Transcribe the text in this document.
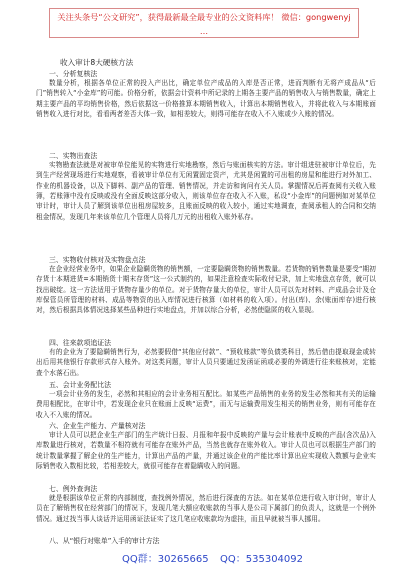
关注头条号“公文研究”，获得最新最全最专业的公文资料库！ 微信：gongwenyj
…
收入审计8大硬核方法
一、分析复核法
数量分析，根据各单位正常的投入产出比，确定单位产成品的入库是否正常，进而判断有无将产成品从“后门”销售转入“小金库”的可能。价格分析，依据会计资料中所记录的上期各主要产品的销售收入与销售数量，确定上期主要产品的平均销售价格，然后依据这一价格推算本期销售收入，计算出本期销售收入，并将此收入与本期账面销售收入进行对比，看看两者差否大体一致，如相差较大，则得可能存在收入不入账或少入账的情况。
二、实物出查法
实物勘查法就是对被审单位能见的实物进行实地勘察，然后与账面核实的方法。审计组进驻被审计单位后，先到生产经营现场进行实地观察，看被审计单位有无闲置固定资产，尤其是闲置的可出租的房屋和能进行对外加工、作业的机器设备，以及下脚料、副产品的管理、销售情况，并走访和询问有关人员。掌握情况后再查阅有关收入账簿，若账簿中没有反映或没有全面反映这部分收入，则该单位存在收入不入账，私设“小金库”的问题例如对某单位审计时，审计人员了解到该单位出租房屋较多，且账面反映的收入较小，通过实地调查，查阅承租人的合同和交纳租金情况，发现几年来该单位几个管理人员将几万元的出租收入账外私存。
三、实物收付核对及实物盘点法
在企业经营业务中，如果企业隐瞒货物的销售额，一定要隐瞒货物的销售数量。若货物的销售数量是要受“期初存货十本期进货=本期销货十期末存货”这一公式制约的，如果注意检查实际收付记录，加上实地盘点存货，就可以找出破绽。这一方法适用于货物存量少的单位。对于货物存量大的单位，审计人员可以先对材料、产成品会计及仓库保管员所管理的材料、成品等物资的出入库情况进行核算（如材料的收入项）。付出(库)、余(账面库存)进行核对，然后根据具体情况选择某些品种进行实地盘点，并加以综合分析，必然使隐匿的收入显现。
四、往来款项追证法
有的企业为了要隐瞒销售行为，必然要假借“其他应付款”、“预收账款”等负债类科目，然后借由提取现金或转出后用其他银行存款形式存入账外。对这类问题，审计人员只要通过发函证函或必要的外调进行往来账核对，定能查个水落石出。
五、会计业务配比法
一项会计业务的发生，必然和其相应的会计业务相互配比。如某些产品销售的业务的发生必然和其有关的运输费用相配比，在审计中，若发现企业只在账面上反映“运费”，而无与运输费用发生相关的销售业务，则有可能存在收入不入账的情况。
六、企业生产能力、产量核对法
审计人员可以把企业生产部门的生产统计日报、月报和年报中反映的产量与会计账表中反映的产品(含次品)入库数量进行核对，若数量不相符就有可能存在账外产品，当然也就存在账外收入。审计人员也可以根据生产部门的统计数量掌握了解企业的生产能力，计算出产品的产量，并通过该企业的产能比率计算出应实现收入数额与企业实际销售收入数相比较，若相差较大，就很可能存在着隐瞒收入的问题。
七、例外查询法
就是根据该单位正常的内部制度，查找例外情况，然后进行深查的方法。如在某单位进行收入审计时，审计人员在了解销售权在经营部门的情况下，发现几笔大额应收账款的当事人是公司下属部门的负责人，这就是一个例外情况。通过找当事人谈话并运用函证法证实了这几笔应收账款均为虚挂，而且早就被当事人挪用。
八、从“银行对账单”入手的审计方法
QQ群：30265665 QQ：535304092
